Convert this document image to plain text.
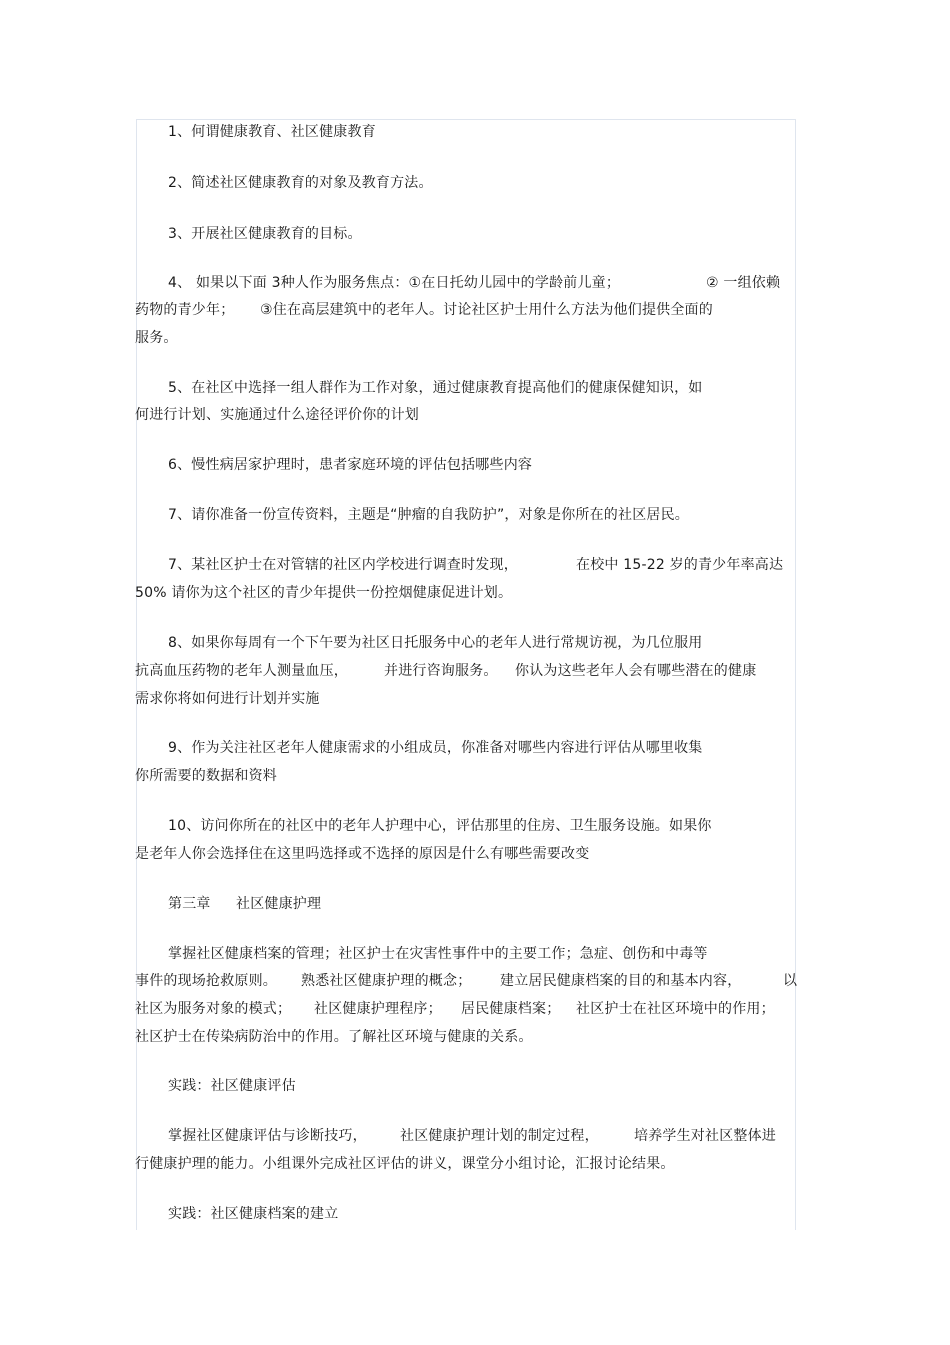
1、何谓健康教育、社区健康教育
2、简述社区健康教育的对象及教育方法。
3、开展社区健康教育的目标。
4、 如果以下面 3种人作为服务焦点：①在日托幼儿园中的学龄前儿童；	② 一组依赖
药物的青少年； ③住在高层建筑中的老年人。讨论社区护士用什么方法为他们提供全面的
服务。
5、在社区中选择一组人群作为工作对象，通过健康教育提高他们的健康保健知识，如
何进行计划、实施通过什么途径评价你的计划
6、慢性病居家护理时，患者家庭环境的评估包括哪些内容
7、请你准备一份宣传资料，主题是“肿瘤的自我防护”，对象是你所在的社区居民。
7、某社区护士在对管辖的社区内学校进行调查时发现，	在校中 15-22 岁的青少年率高达
50% 请你为这个社区的青少年提供一份控烟健康促进计划。
8、如果你每周有一个下午要为社区日托服务中心的老年人进行常规访视，为几位服用
抗高血压药物的老年人测量血压，	并进行咨询服务。 你认为这些老年人会有哪些潜在的健康
需求你将如何进行计划并实施
9、作为关注社区老年人健康需求的小组成员，你准备对哪些内容进行评估从哪里收集
你所需要的数据和资料
10、访问你所在的社区中的老年人护理中心，评估那里的住房、卫生服务设施。如果你
是老年人你会选择住在这里吗选择或不选择的原因是什么有哪些需要改变
第三章 社区健康护理
掌握社区健康档案的管理；社区护士在灾害性事件中的主要工作；急症、创伤和中毒等
事件的现场抢救原则。 熟悉社区健康护理的概念； 建立居民健康档案的目的和基本内容，	以
社区为服务对象的模式； 社区健康护理程序； 居民健康档案； 社区护士在社区环境中的作用；
社区护士在传染病防治中的作用。了解社区环境与健康的关系。
实践：社区健康评估
掌握社区健康评估与诊断技巧， 社区健康护理计划的制定过程，	培养学生对社区整体进
行健康护理的能力。小组课外完成社区评估的讲义，课堂分小组讨论，汇报讨论结果。
实践：社区健康档案的建立
